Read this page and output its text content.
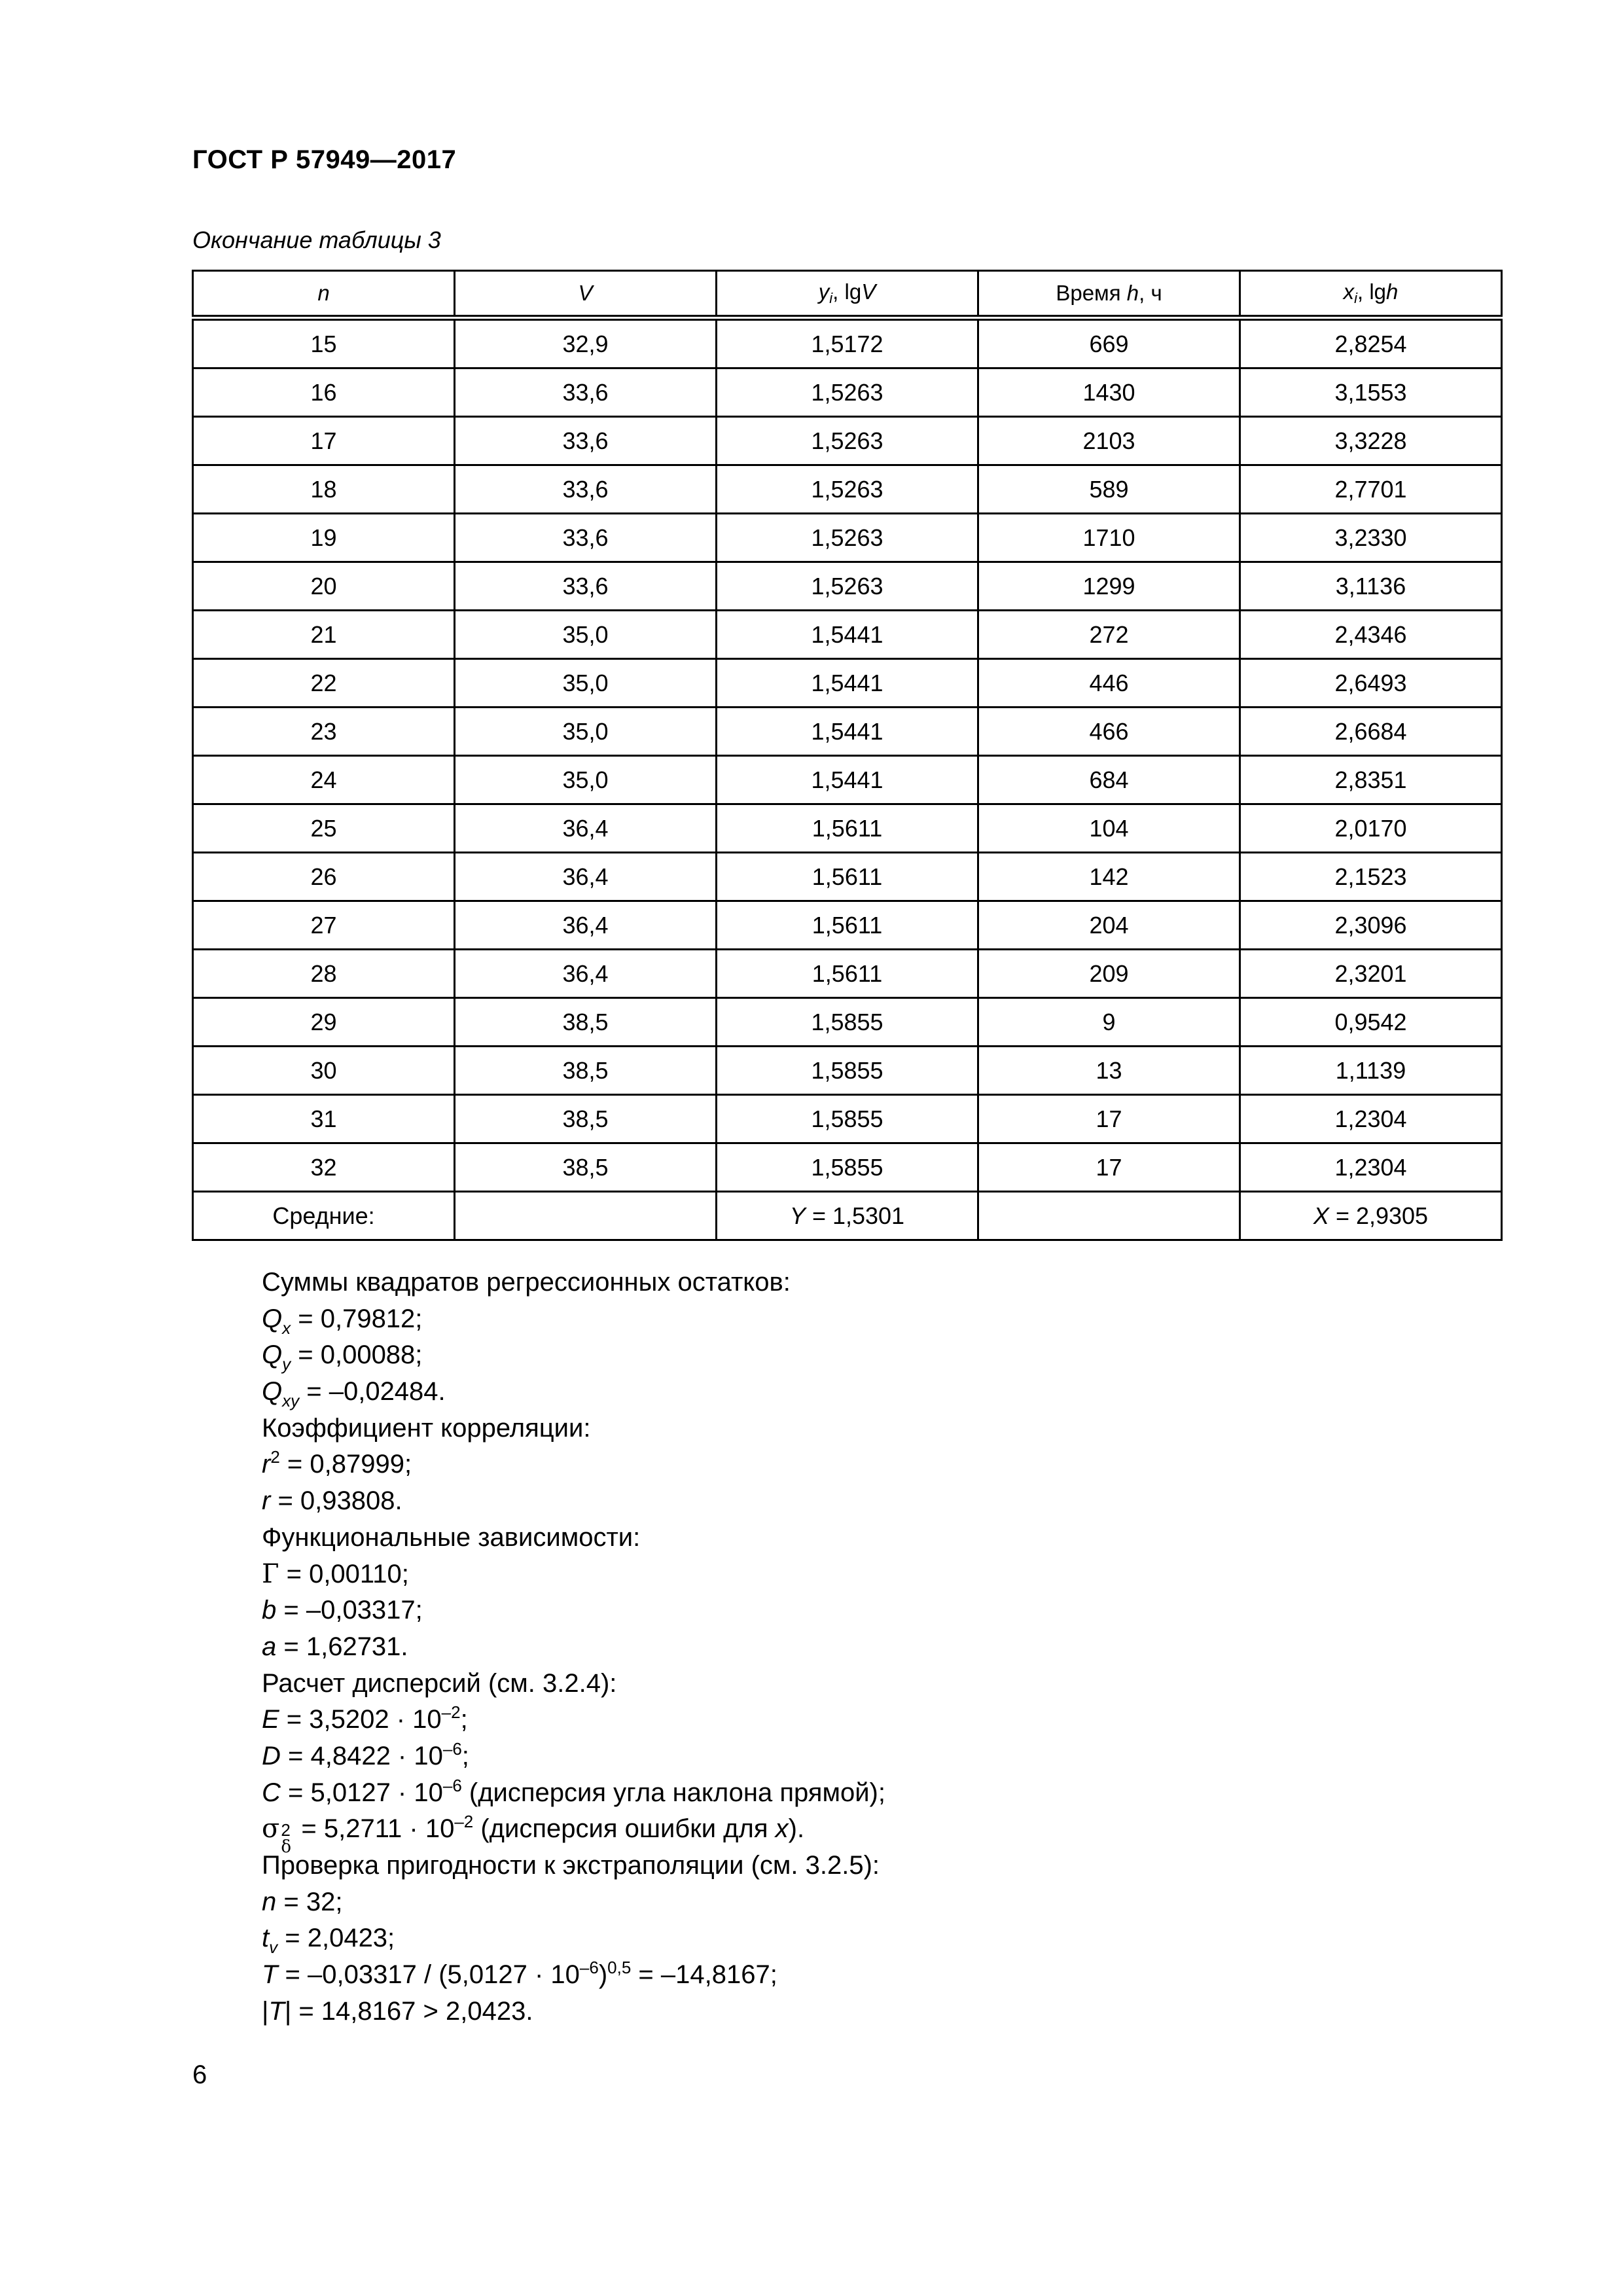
ГОСТ Р 57949—2017
Окончание таблицы 3
n	V	$y_i$, lgV	Время h, ч	$x_i$, lgh
15	32,9	1,5172	669	2,8254
16	33,6	1,5263	1430	3,1553
17	33,6	1,5263	2103	3,3228
18	33,6	1,5263	589	2,7701
19	33,6	1,5263	1710	3,2330
20	33,6	1,5263	1299	3,1136
21	35,0	1,5441	272	2,4346
22	35,0	1,5441	446	2,6493
23	35,0	1,5441	466	2,6684
24	35,0	1,5441	684	2,8351
25	36,4	1,5611	104	2,0170
26	36,4	1,5611	142	2,1523
27	36,4	1,5611	204	2,3096
28	36,4	1,5611	209	2,3201
29	38,5	1,5855	9	0,9542
30	38,5	1,5855	13	1,1139
31	38,5	1,5855	17	1,2304
32	38,5	1,5855	17	1,2304
Средние:		Y = 1,5301		X = 2,9305
Суммы квадратов регрессионных остатков:
$Q_x = 0,79812$;
$Q_y = 0,00088$;
$Q_{xy} = -0,02484$.
Коэффициент корреляции:
$r^2 = 0,87999$;
r = 0,93808.
Функциональные зависимости:
Г = 0,00110;
b = –0,03317;
a = 1,62731.
Расчет дисперсий (см. 3.2.4):
$E = 3,5202 \cdot 10^{-2}$;
$D = 4,8422 \cdot 10^{-6}$;
$C = 5,0127 \cdot 10^{-6}$ (дисперсия угла наклона прямой);
σ 2
δ
= $5,2711 \cdot 10^{-2}$ (дисперсия ошибки для x).
Проверка пригодности к экстраполяции (см. 3.2.5):
n = 32;
$t_v = 2,0423$;
$T = -0,03317 / (5,0127 \cdot 10^{-6})^{0,5} = -14,8167$;
|T| = 14,8167 > 2,0423.
6
